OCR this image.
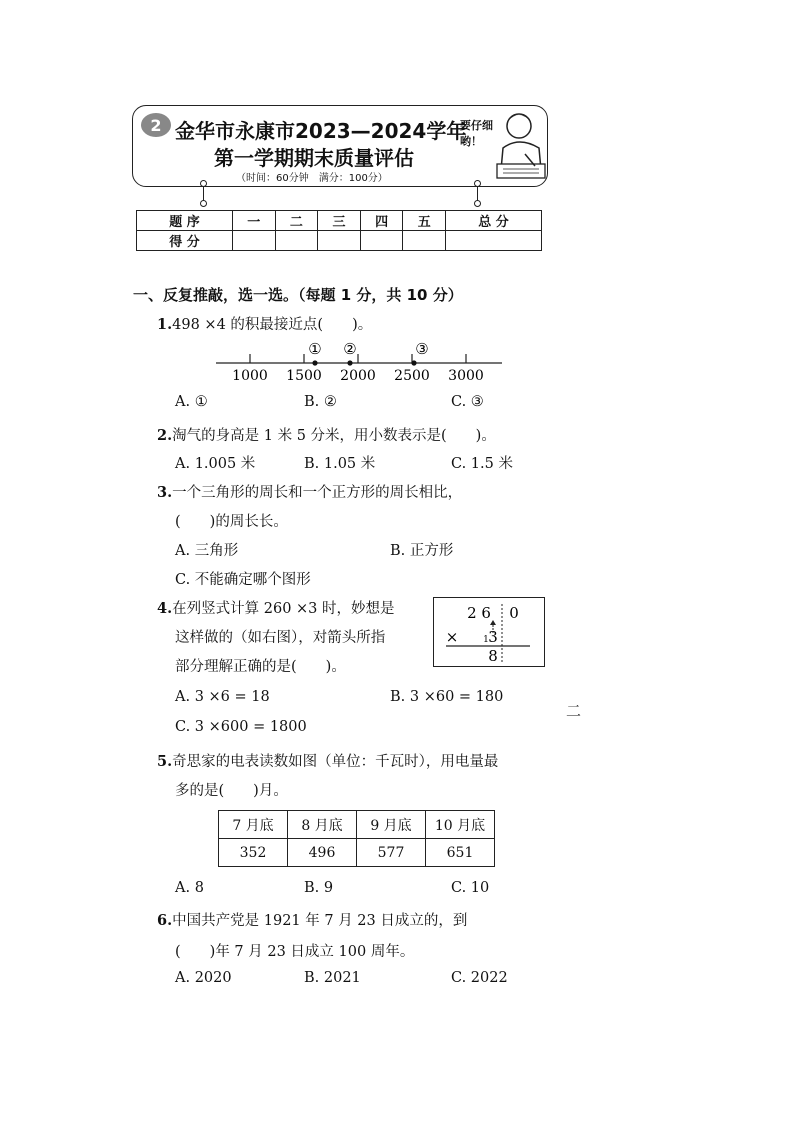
2 金华市永康市2023—2024学年
第一学期期末质量评估
（时间：60分钟　满分：100分）
要仔细哟！
题 序	一	二	三	四	五	总 分
得 分						
一、反复推敲，选一选。（每题 1 分，共 10 分）
1.498 ×4 的积最接近点(　　)。
① ②	③
1000 1500 2000 2500 3000
A. ①	B. ②	C. ③
2.淘气的身高是 1 米 5 分米，用小数表示是(　　)。
A. 1.005 米	B. 1.05 米	C. 1.5 米
3.一个三角形的周长和一个正方形的周长相比，
(　　)的周长长。
A. 三角形	B. 正方形
C. 不能确定哪个图形
4.在列竖式计算 260 ×3 时，妙想是
这样做的（如右图），对箭头所指
部分理解正确的是(　　)。
2 6 0
×	1 3
8
A. 3 ×6 = 18	B. 3 ×60 = 180
C. 3 ×600 = 1800
二
5.奇思家的电表读数如图（单位：千瓦时），用电量最
多的是(　　)月。
7 月底	8 月底	9 月底	10 月底
352	496	577	651
A. 8	B. 9	C. 10
6.中国共产党是 1921 年 7 月 23 日成立的，到
(　　)年 7 月 23 日成立 100 周年。
A. 2020	B. 2021	C. 2022
